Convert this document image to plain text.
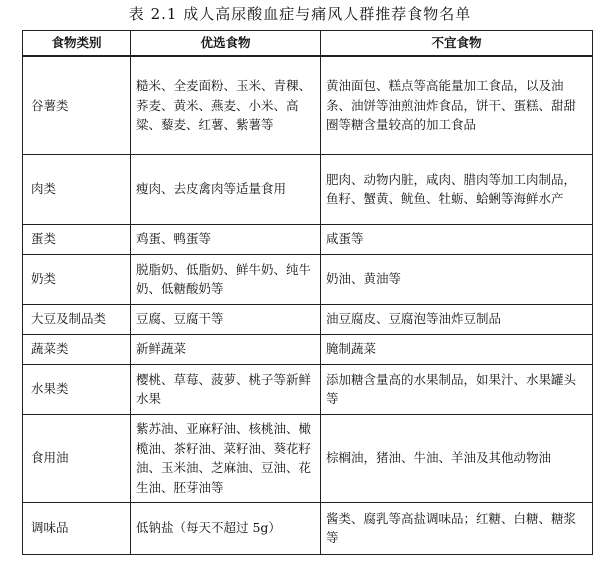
表 2.1 成人高尿酸血症与痛风人群推荐食物名单
食物类别	优选食物	不宜食物
谷薯类	糙米、全麦面粉、玉米、青稞、荞麦、黄米、燕麦、小米、高粱、藜麦、红薯、紫薯等	黄油面包、糕点等高能量加工食品，以及油条、油饼等油煎油炸食品，饼干、蛋糕、甜甜圈等糖含量较高的加工食品
肉类	瘦肉、去皮禽肉等适量食用	肥肉、动物内脏，咸肉、腊肉等加工肉制品，鱼籽、蟹黄、鱿鱼、牡蛎、蛤蜊等海鲜水产
蛋类	鸡蛋、鸭蛋等	咸蛋等
奶类	脱脂奶、低脂奶、鲜牛奶、纯牛奶、低糖酸奶等	奶油、黄油等
大豆及制品类	豆腐、豆腐干等	油豆腐皮、豆腐泡等油炸豆制品
蔬菜类	新鲜蔬菜	腌制蔬菜
水果类	樱桃、草莓、菠萝、桃子等新鲜水果	添加糖含量高的水果制品，如果汁、水果罐头等
食用油	紫苏油、亚麻籽油、核桃油、橄榄油、茶籽油、菜籽油、葵花籽油、玉米油、芝麻油、豆油、花生油、胚芽油等	棕榈油，猪油、牛油、羊油及其他动物油
调味品	低钠盐（每天不超过 5g）	酱类、腐乳等高盐调味品；红糖、白糖、糖浆等
